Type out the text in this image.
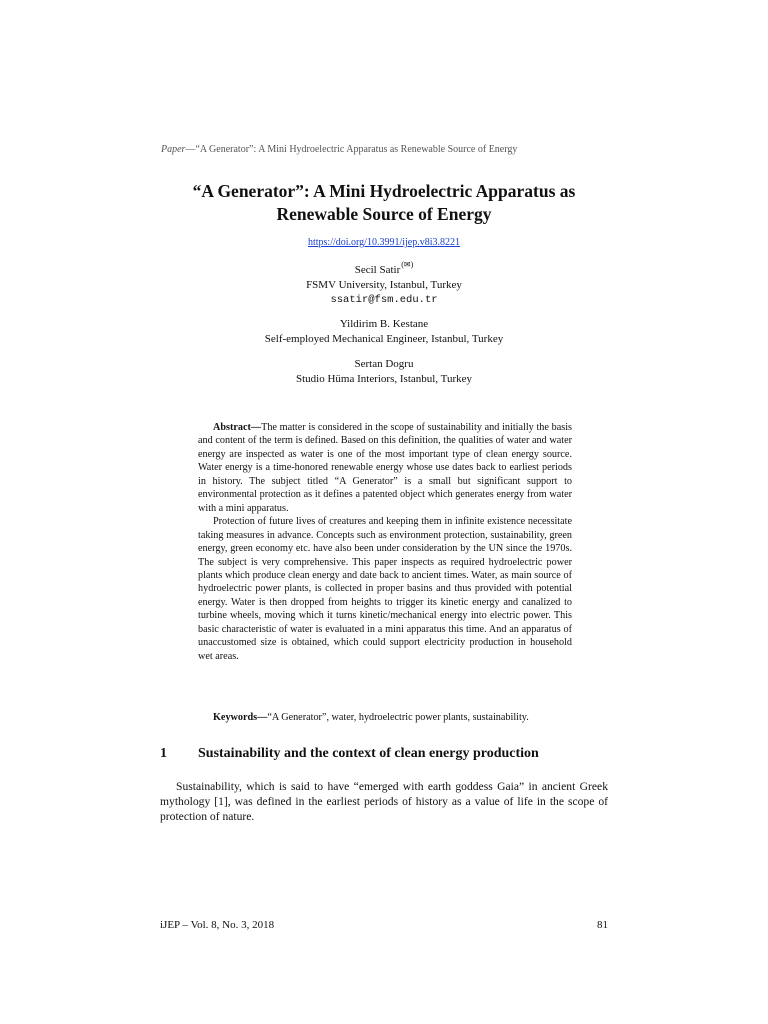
Paper—“A Generator”: A Mini Hydroelectric Apparatus as Renewable Source of Energy
“A Generator”: A Mini Hydroelectric Apparatus as
Renewable Source of Energy
https://doi.org/10.3991/ijep.v8i3.8221
Secil Satir(✉)
FSMV University, Istanbul, Turkey
ssatir@fsm.edu.tr
Yildirim B. Kestane
Self-employed Mechanical Engineer, Istanbul, Turkey
Sertan Dogru
Studio Hüma Interiors, Istanbul, Turkey

Abstract—The matter is considered in the scope of sustainability and initially the basis and content of the term is defined. Based on this definition, the qualities of water and water energy are inspected as water is one of the most important type of clean energy source. Water energy is a time-honored renewable energy whose use dates back to earliest periods in history. The subject titled “A Generator” is a small but significant support to environmental protection as it defines a patented object which generates energy from water with a mini apparatus.

Protection of future lives of creatures and keeping them in infinite existence necessitate taking measures in advance. Concepts such as environment protection, sustainability, green energy, green economy etc. have also been under consideration by the UN since the 1970s. The subject is very comprehensive. This paper inspects as required hydroelectric power plants which produce clean energy and date back to ancient times. Water, as main source of hydroelectric power plants, is collected in proper basins and thus provided with potential energy. Water is then dropped from heights to trigger its kinetic energy and canalized to turbine wheels, moving which it turns kinetic/mechanical energy into electric power. This basic characteristic of water is evaluated in a mini apparatus this time. And an apparatus of unaccustomed size is obtained, which could support electricity production in household wet areas.

Keywords—“A Generator”, water, hydroelectric power plants, sustainability.

1 Sustainability and the context of clean energy production

Sustainability, which is said to have “emerged with earth goddess Gaia” in ancient Greek mythology [1], was defined in the earliest periods of history as a value of life in the scope of protection of nature.

iJEP – Vol. 8, No. 3, 2018	81
